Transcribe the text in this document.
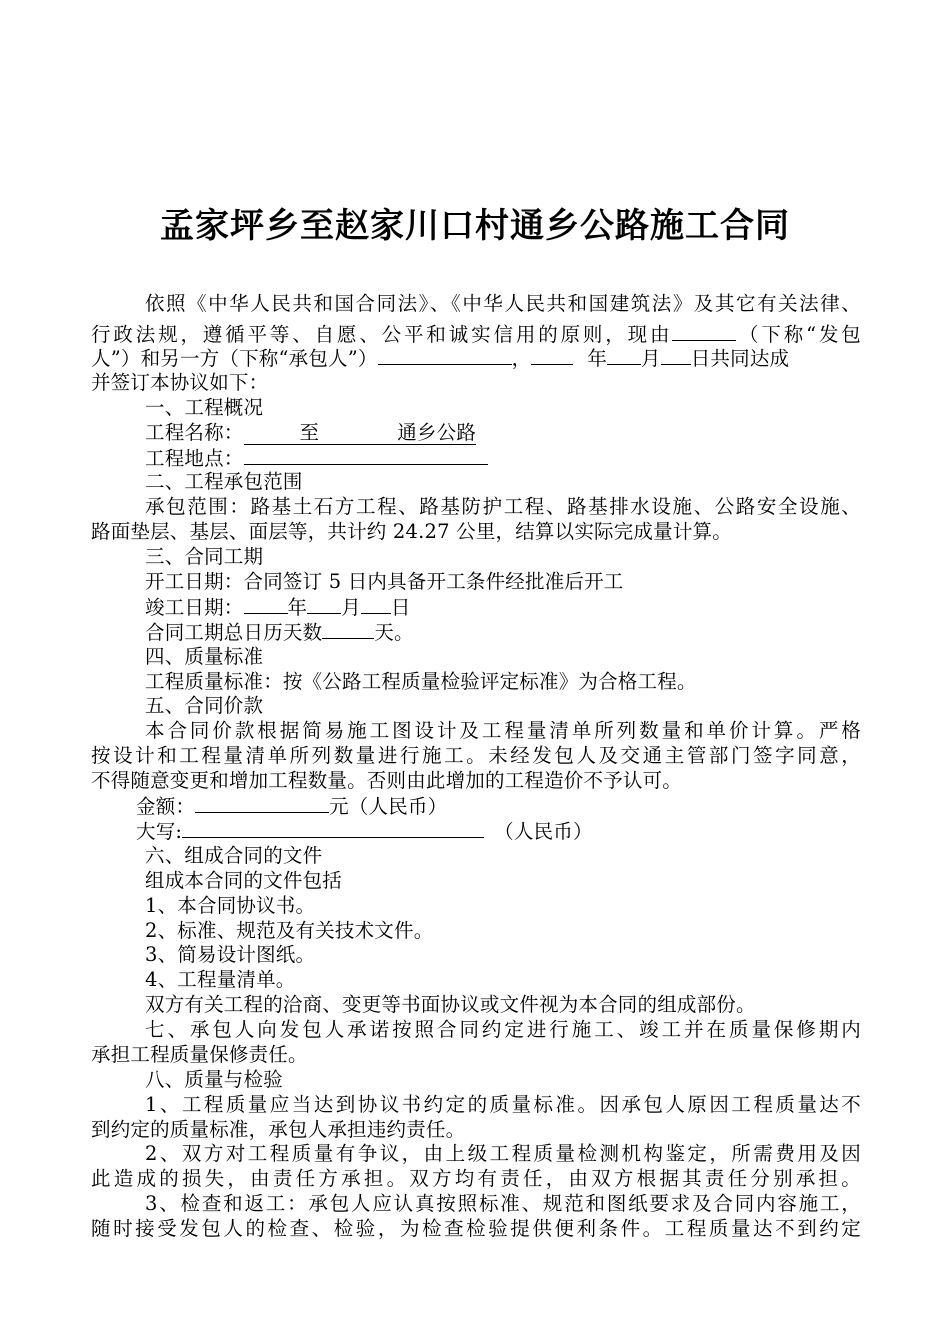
孟家坪乡至赵家川口村通乡公路施工合同
依照《中华人民共和国合同法》、《中华人民共和国建筑法》及其它有关法律、
行政法规，遵循平等、自愿、公平和诚实信用的原则，现由	（下称“发包
人”）和另一方（下称“承包人”）	，	年 月 日共同达成
并签订本协议如下：
一、工程概况
工程名称：	至	通乡公路
工程地点：
二、工程承包范围
承包范围：路基土石方工程、路基防护工程、路基排水设施、公路安全设施、
路面垫层、基层、面层等，共计约 24.27 公里，结算以实际完成量计算。
三、合同工期
开工日期：合同签订 5 日内具备开工条件经批准后开工
竣工日期： 年 月 日
合同工期总日历天数	天。
四、质量标准
工程质量标准：按《公路工程质量检验评定标准》为合格工程。
五、合同价款
本合同价款根据简易施工图设计及工程量清单所列数量和单价计算。严格
按设计和工程量清单所列数量进行施工。未经发包人及交通主管部门签字同意，
不得随意变更和增加工程数量。否则由此增加的工程造价不予认可。
金额：	元（人民币）
大写:	（人民币）
六、组成合同的文件
组成本合同的文件包括
1、本合同协议书。
2、标准、规范及有关技术文件。
3、简易设计图纸。
4、工程量清单。
双方有关工程的洽商、变更等书面协议或文件视为本合同的组成部份。
七、承包人向发包人承诺按照合同约定进行施工、竣工并在质量保修期内
承担工程质量保修责任。
八、质量与检验
1、工程质量应当达到协议书约定的质量标准。因承包人原因工程质量达不
到约定的质量标准，承包人承担违约责任。
2、双方对工程质量有争议，由上级工程质量检测机构鉴定，所需费用及因
此造成的损失，由责任方承担。双方均有责任，由双方根据其责任分别承担。
3、检查和返工：承包人应认真按照标准、规范和图纸要求及合同内容施工，
随时接受发包人的检查、检验，为检查检验提供便利条件。工程质量达不到约定
